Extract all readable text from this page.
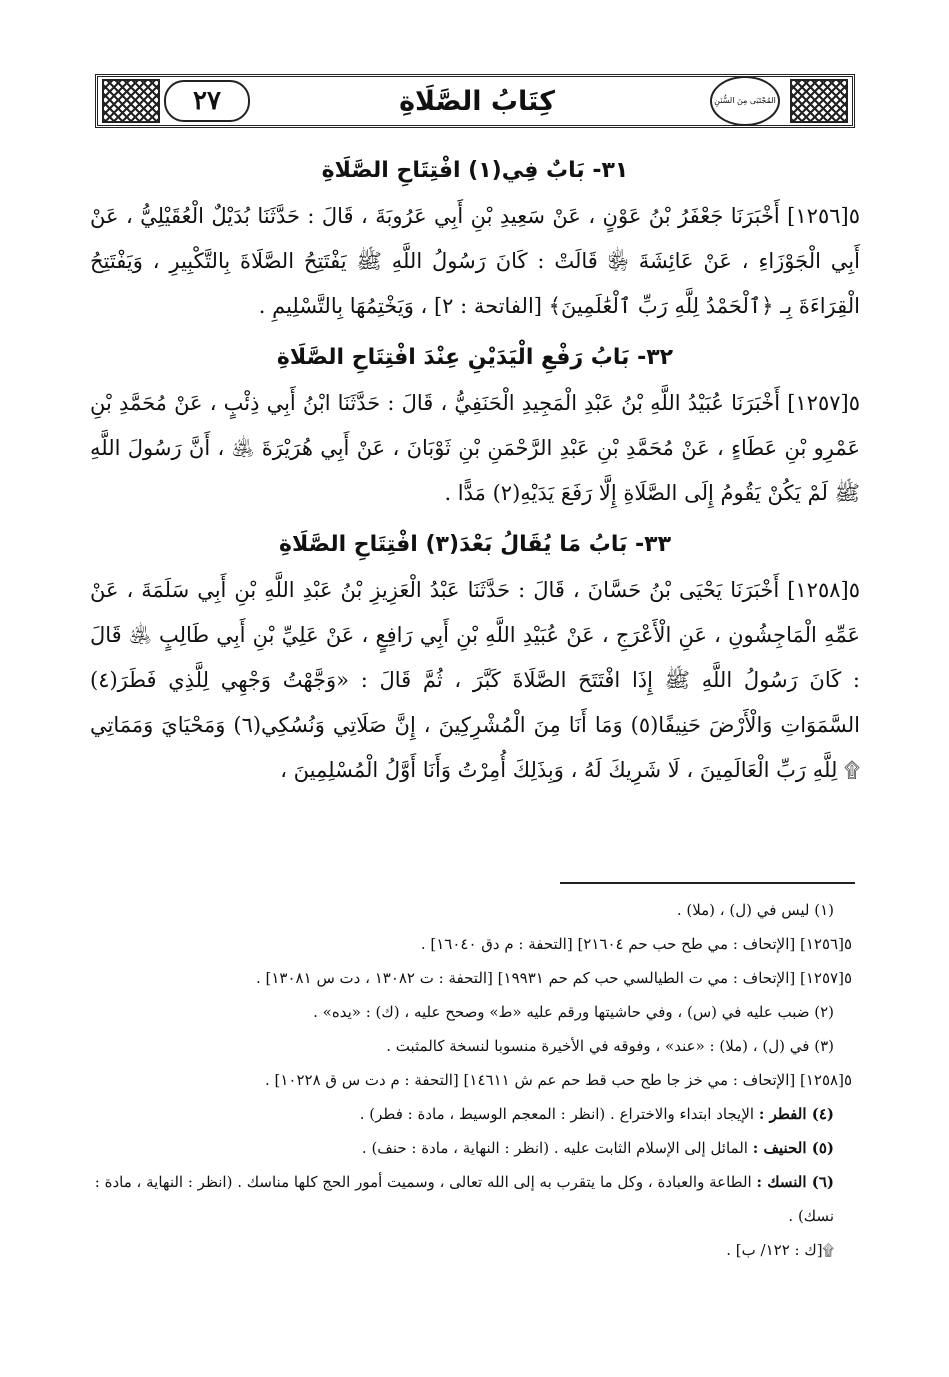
٢٧	كِتَابُ الصَّلَاةِ	المُجْتَبَى مِنَ السُّنَنِ

٣١- بَابٌ فِي(١) افْتِتَاحِ الصَّلَاةِ

٥[١٢٥٦] أَخْبَرَنَا جَعْفَرُ بْنُ عَوْنٍ ، عَنْ سَعِيدِ بْنِ أَبِي عَرُوبَةَ ، قَالَ : حَدَّثَنَا بُدَيْلٌ الْعُقَيْلِيُّ ، عَنْ أَبِي الْجَوْزَاءِ ، عَنْ عَائِشَةَ ﵂ قَالَتْ : كَانَ رَسُولُ اللَّهِ ﷺ يَفْتَتِحُ الصَّلَاةَ بِالتَّكْبِيرِ ، وَيَفْتَتِحُ الْقِرَاءَةَ بِـ ﴿ٱلْحَمْدُ لِلَّهِ رَبِّ ٱلْعَٰلَمِينَ﴾ [الفاتحة : ٢] ، وَيَخْتِمُهَا بِالتَّسْلِيمِ .

٣٢- بَابُ رَفْعِ الْيَدَيْنِ عِنْدَ افْتِتَاحِ الصَّلَاةِ

٥[١٢٥٧] أَخْبَرَنَا عُبَيْدُ اللَّهِ بْنُ عَبْدِ الْمَجِيدِ الْحَنَفِيُّ ، قَالَ : حَدَّثَنَا ابْنُ أَبِي ذِئْبٍ ، عَنْ مُحَمَّدِ بْنِ عَمْرِو بْنِ عَطَاءٍ ، عَنْ مُحَمَّدِ بْنِ عَبْدِ الرَّحْمَنِ بْنِ ثَوْبَانَ ، عَنْ أَبِي هُرَيْرَةَ ﵁ ، أَنَّ رَسُولَ اللَّهِ ﷺ لَمْ يَكُنْ يَقُومُ إِلَى الصَّلَاةِ إِلَّا رَفَعَ يَدَيْهِ(٢) مَدًّا .

٣٣- بَابُ مَا يُقَالُ بَعْدَ(٣) افْتِتَاحِ الصَّلَاةِ

٥[١٢٥٨] أَخْبَرَنَا يَحْيَى بْنُ حَسَّانَ ، قَالَ : حَدَّثَنَا عَبْدُ الْعَزِيزِ بْنُ عَبْدِ اللَّهِ بْنِ أَبِي سَلَمَةَ ، عَنْ عَمِّهِ الْمَاجِشُونِ ، عَنِ الْأَعْرَجِ ، عَنْ عُبَيْدِ اللَّهِ بْنِ أَبِي رَافِعٍ ، عَنْ عَلِيِّ بْنِ أَبِي طَالِبٍ ﵁ قَالَ : كَانَ رَسُولُ اللَّهِ ﷺ إِذَا افْتَتَحَ الصَّلَاةَ كَبَّرَ ، ثُمَّ قَالَ : «وَجَّهْتُ وَجْهِي لِلَّذِي فَطَرَ(٤) السَّمَوَاتِ وَالْأَرْضَ حَنِيفًا(٥) وَمَا أَنَا مِنَ الْمُشْرِكِينَ ، إِنَّ صَلَاتِي وَنُسُكِي(٦) وَمَحْيَايَ وَمَمَاتِي ۩ لِلَّهِ رَبِّ الْعَالَمِينَ ، لَا شَرِيكَ لَهُ ، وَبِذَلِكَ أُمِرْتُ وَأَنَا أَوَّلُ الْمُسْلِمِينَ ،

(١) ليس في (ل) ، (ملا) .

٥[١٢٥٦] [الإتحاف : مي طح حب حم ٢١٦٠٤] [التحفة : م دق ١٦٠٤٠] .

٥[١٢٥٧] [الإتحاف : مي ت الطيالسي حب كم حم ١٩٩٣١] [التحفة : ت ١٣٠٨٢ ، دت س ١٣٠٨١] .

(٢) ضبب عليه في (س) ، وفي حاشيتها ورقم عليه «ط» وصحح عليه ، (ك) : «يده» .

(٣) في (ل) ، (ملا) : «عند» ، وفوقه في الأخيرة منسوبا لنسخة كالمثبت .

٥[١٢٥٨] [الإتحاف : مي خز جا طح حب قط حم عم ش ١٤٦١١] [التحفة : م دت س ق ١٠٢٢٨] .

(٤) الفطر : الإيجاد ابتداء والاختراع . (انظر : المعجم الوسيط ، مادة : فطر) .

(٥) الحنيف : المائل إلى الإسلام الثابت عليه . (انظر : النهاية ، مادة : حنف) .

(٦) النسك : الطاعة والعبادة ، وكل ما يتقرب به إلى الله تعالى ، وسميت أمور الحج كلها مناسك . (انظر : النهاية ، مادة : نسك) .

۩[ك : ١٢٢/ ب] .
